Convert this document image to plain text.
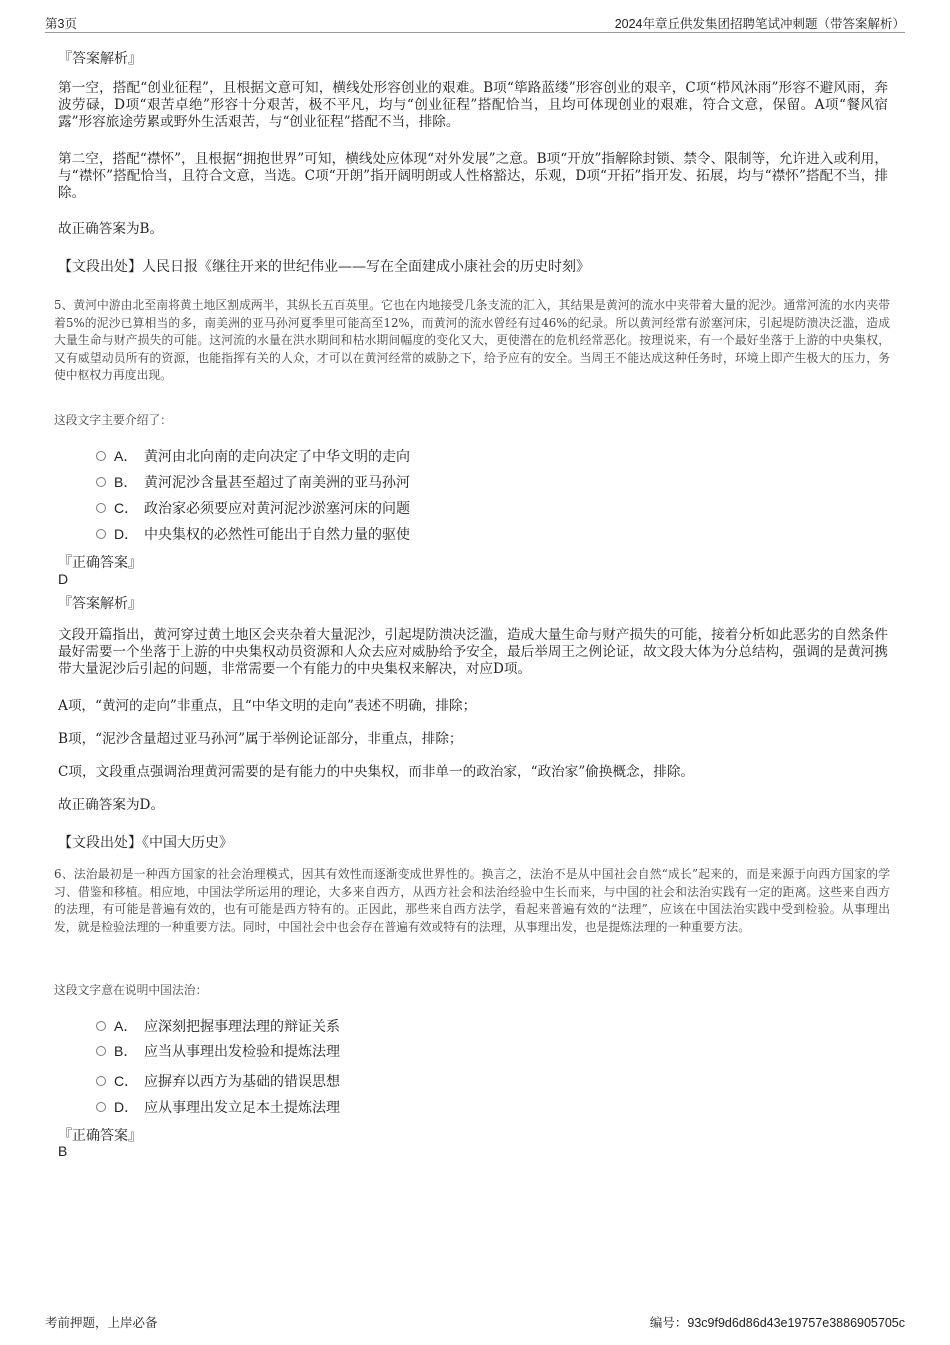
第3页	2024年章丘供发集团招聘笔试冲刺题（带答案解析）
『答案解析』
第一空，搭配“创业征程”，且根据文意可知，横线处形容创业的艰难。B项“筚路蓝缕”形容创业的艰辛，C项“栉风沐雨”形容不避风雨，奔波劳碌，D项“艰苦卓绝”形容十分艰苦，极不平凡，均与“创业征程”搭配恰当，且均可体现创业的艰难，符合文意，保留。A项“餐风宿露”形容旅途劳累或野外生活艰苦，与“创业征程”搭配不当，排除。
第二空，搭配“襟怀”，且根据“拥抱世界”可知，横线处应体现“对外发展”之意。B项“开放”指解除封锁、禁令、限制等，允许进入或利用，与“襟怀”搭配恰当，且符合文意，当选。C项“开朗”指开阔明朗或人性格豁达，乐观，D项“开拓”指开发、拓展，均与“襟怀”搭配不当，排除。
故正确答案为B。
【文段出处】人民日报《继往开来的世纪伟业——写在全面建成小康社会的历史时刻》
5、黄河中游由北至南将黄土地区割成两半，其纵长五百英里。它也在内地接受几条支流的汇入，其结果是黄河的流水中夹带着大量的泥沙。通常河流的水内夹带着5%的泥沙已算相当的多，南美洲的亚马孙河夏季里可能高至12%，而黄河的流水曾经有过46%的纪录。所以黄河经常有淤塞河床，引起堤防溃决泛滥，造成大量生命与财产损失的可能。这河流的水量在洪水期间和枯水期间幅度的变化又大，更使潜在的危机经常恶化。按理说来，有一个最好坐落于上游的中央集权，又有威望动员所有的资源，也能指挥有关的人众，才可以在黄河经常的威胁之下，给予应有的安全。当周王不能达成这种任务时，环境上即产生极大的压力，务使中枢权力再度出现。
这段文字主要介绍了：
A． 黄河由北向南的走向决定了中华文明的走向
B． 黄河泥沙含量甚至超过了南美洲的亚马孙河
C． 政治家必须要应对黄河泥沙淤塞河床的问题
D． 中央集权的必然性可能出于自然力量的驱使
『正确答案』
D
『答案解析』
文段开篇指出，黄河穿过黄土地区会夹杂着大量泥沙，引起堤防溃决泛滥，造成大量生命与财产损失的可能，接着分析如此恶劣的自然条件最好需要一个坐落于上游的中央集权动员资源和人众去应对威胁给予安全，最后举周王之例论证，故文段大体为分总结构，强调的是黄河携带大量泥沙后引起的问题，非常需要一个有能力的中央集权来解决，对应D项。
A项，“黄河的走向”非重点，且“中华文明的走向”表述不明确，排除；
B项，“泥沙含量超过亚马孙河”属于举例论证部分，非重点，排除；
C项，文段重点强调治理黄河需要的是有能力的中央集权，而非单一的政治家，“政治家”偷换概念，排除。
故正确答案为D。
【文段出处】《中国大历史》
6、法治最初是一种西方国家的社会治理模式，因其有效性而逐渐变成世界性的。换言之，法治不是从中国社会自然“成长”起来的，而是来源于向西方国家的学习、借鉴和移植。相应地，中国法学所运用的理论，大多来自西方，从西方社会和法治经验中生长而来，与中国的社会和法治实践有一定的距离。这些来自西方的法理，有可能是普遍有效的，也有可能是西方特有的。正因此，那些来自西方法学，看起来普遍有效的“法理”，应该在中国法治实践中受到检验。从事理出发，就是检验法理的一种重要方法。同时，中国社会中也会存在普遍有效或特有的法理，从事理出发，也是提炼法理的一种重要方法。
这段文字意在说明中国法治：
A． 应深刻把握事理法理的辩证关系
B． 应当从事理出发检验和提炼法理
C． 应摒弃以西方为基础的错误思想
D． 应从事理出发立足本土提炼法理
『正确答案』
B
考前押题，上岸必备	编号：93c9f9d6d86d43e19757e3886905705c
